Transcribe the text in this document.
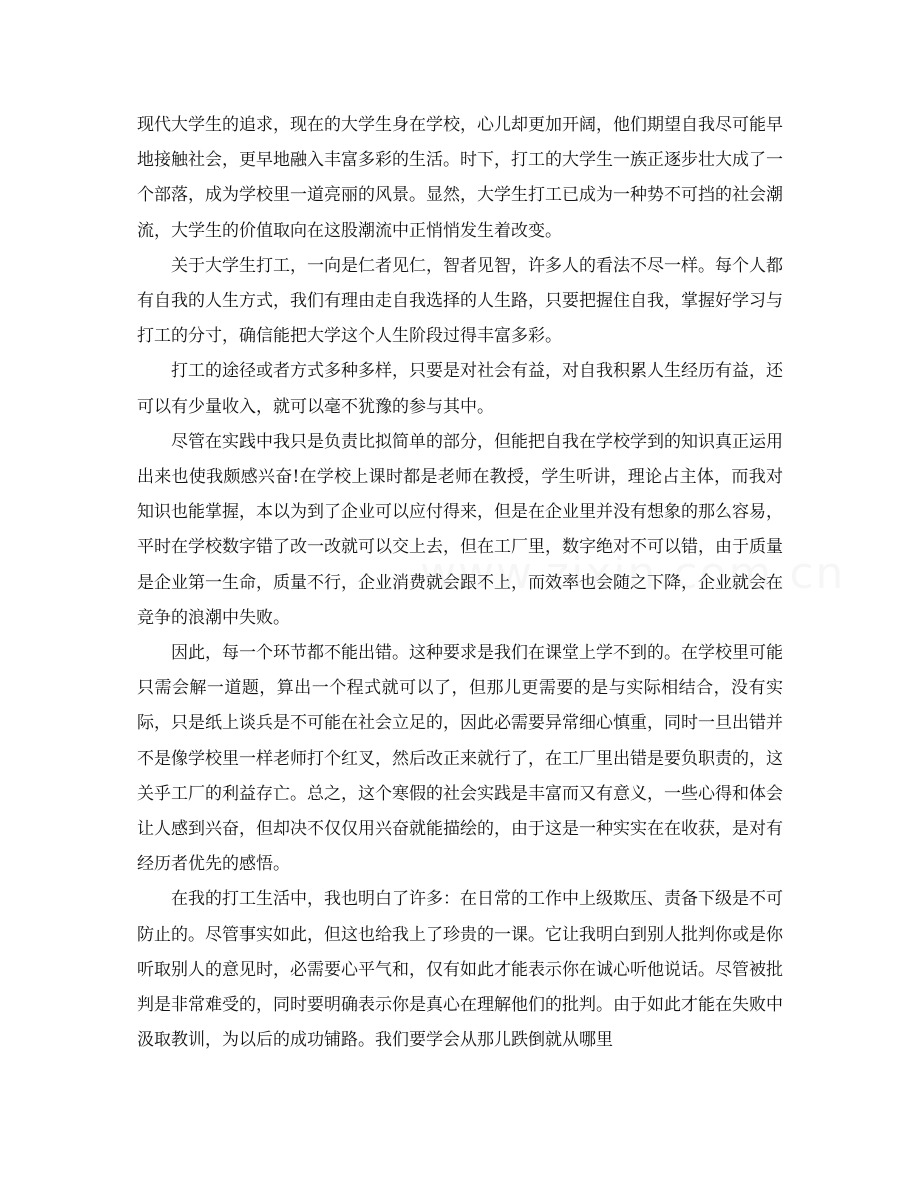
现代大学生的追求，现在的大学生身在学校，心儿却更加开阔，他们期望自我尽可能早地接触社会，更早地融入丰富多彩的生活。时下，打工的大学生一族正逐步壮大成了一个部落，成为学校里一道亮丽的风景。显然，大学生打工已成为一种势不可挡的社会潮流，大学生的价值取向在这股潮流中正悄悄发生着改变。

关于大学生打工，一向是仁者见仁，智者见智，许多人的看法不尽一样。每个人都有自我的人生方式，我们有理由走自我选择的人生路，只要把握住自我，掌握好学习与打工的分寸，确信能把大学这个人生阶段过得丰富多彩。

打工的途径或者方式多种多样，只要是对社会有益，对自我积累人生经历有益，还可以有少量收入，就可以毫不犹豫的参与其中。

尽管在实践中我只是负责比拟简单的部分，但能把自我在学校学到的知识真正运用出来也使我颇感兴奋!在学校上课时都是老师在教授，学生听讲，理论占主体，而我对知识也能掌握，本以为到了企业可以应付得来，但是在企业里并没有想象的那么容易，平时在学校数字错了改一改就可以交上去，但在工厂里，数字绝对不可以错，由于质量是企业第一生命，质量不行，企业消费就会跟不上，而效率也会随之下降，企业就会在竞争的浪潮中失败。

因此，每一个环节都不能出错。这种要求是我们在课堂上学不到的。在学校里可能只需会解一道题，算出一个程式就可以了，但那儿更需要的是与实际相结合，没有实际，只是纸上谈兵是不可能在社会立足的，因此必需要异常细心慎重，同时一旦出错并不是像学校里一样老师打个红叉，然后改正来就行了，在工厂里出错是要负职责的，这关乎工厂的利益存亡。总之，这个寒假的社会实践是丰富而又有意义，一些心得和体会让人感到兴奋，但却决不仅仅用兴奋就能描绘的，由于这是一种实实在在收获，是对有经历者优先的感悟。

在我的打工生活中，我也明白了许多：在日常的工作中上级欺压、责备下级是不可防止的。尽管事实如此，但这也给我上了珍贵的一课。它让我明白到别人批判你或是你听取别人的意见时，必需要心平气和，仅有如此才能表示你在诚心听他说话。尽管被批判是非常难受的，同时要明确表示你是真心在理解他们的批判。由于如此才能在失败中汲取教训，为以后的成功铺路。我们要学会从那儿跌倒就从哪里
